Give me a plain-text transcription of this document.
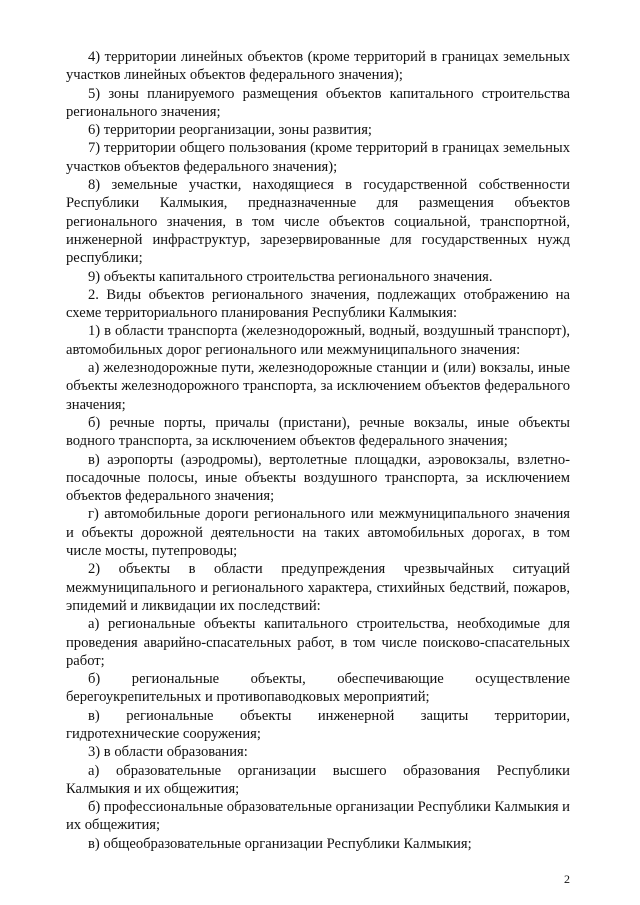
4) территории линейных объектов (кроме территорий в границах земельных участков линейных объектов федерального значения);

5) зоны планируемого размещения объектов капитального строительства регионального значения;

6) территории реорганизации, зоны развития;

7) территории общего пользования (кроме территорий в границах земельных участков объектов федерального значения);

8) земельные участки, находящиеся в государственной собственности Республики Калмыкия, предназначенные для размещения объектов регионального значения, в том числе объектов социальной, транспортной, инженерной инфраструктур, зарезервированные для государственных нужд республики;

9) объекты капитального строительства регионального значения.

2. Виды объектов регионального значения, подлежащих отображению на схеме территориального планирования Республики Калмыкия:

1) в области транспорта (железнодорожный, водный, воздушный транспорт), автомобильных дорог регионального или межмуниципального значения:

а) железнодорожные пути, железнодорожные станции и (или) вокзалы, иные объекты железнодорожного транспорта, за исключением объектов федерального значения;

б) речные порты, причалы (пристани), речные вокзалы, иные объекты водного транспорта, за исключением объектов федерального значения;

в) аэропорты (аэродромы), вертолетные площадки, аэровокзалы, взлетно-посадочные полосы, иные объекты воздушного транспорта, за исключением объектов федерального значения;

г) автомобильные дороги регионального или межмуниципального значения и объекты дорожной деятельности на таких автомобильных дорогах, в том числе мосты, путепроводы;

2) объекты в области предупреждения чрезвычайных ситуаций межмуниципального и регионального характера, стихийных бедствий, пожаров, эпидемий и ликвидации их последствий:

а) региональные объекты капитального строительства, необходимые для проведения аварийно-спасательных работ, в том числе поисково-спасательных работ;

б) региональные объекты, обеспечивающие осуществление берегоукрепительных и противопаводковых мероприятий;

в) региональные объекты инженерной защиты территории, гидротехнические сооружения;

3) в области образования:

а) образовательные организации высшего образования Республики Калмыкия и их общежития;

б) профессиональные образовательные организации Республики Калмыкия и их общежития;

в) общеобразовательные организации Республики Калмыкия;

2
